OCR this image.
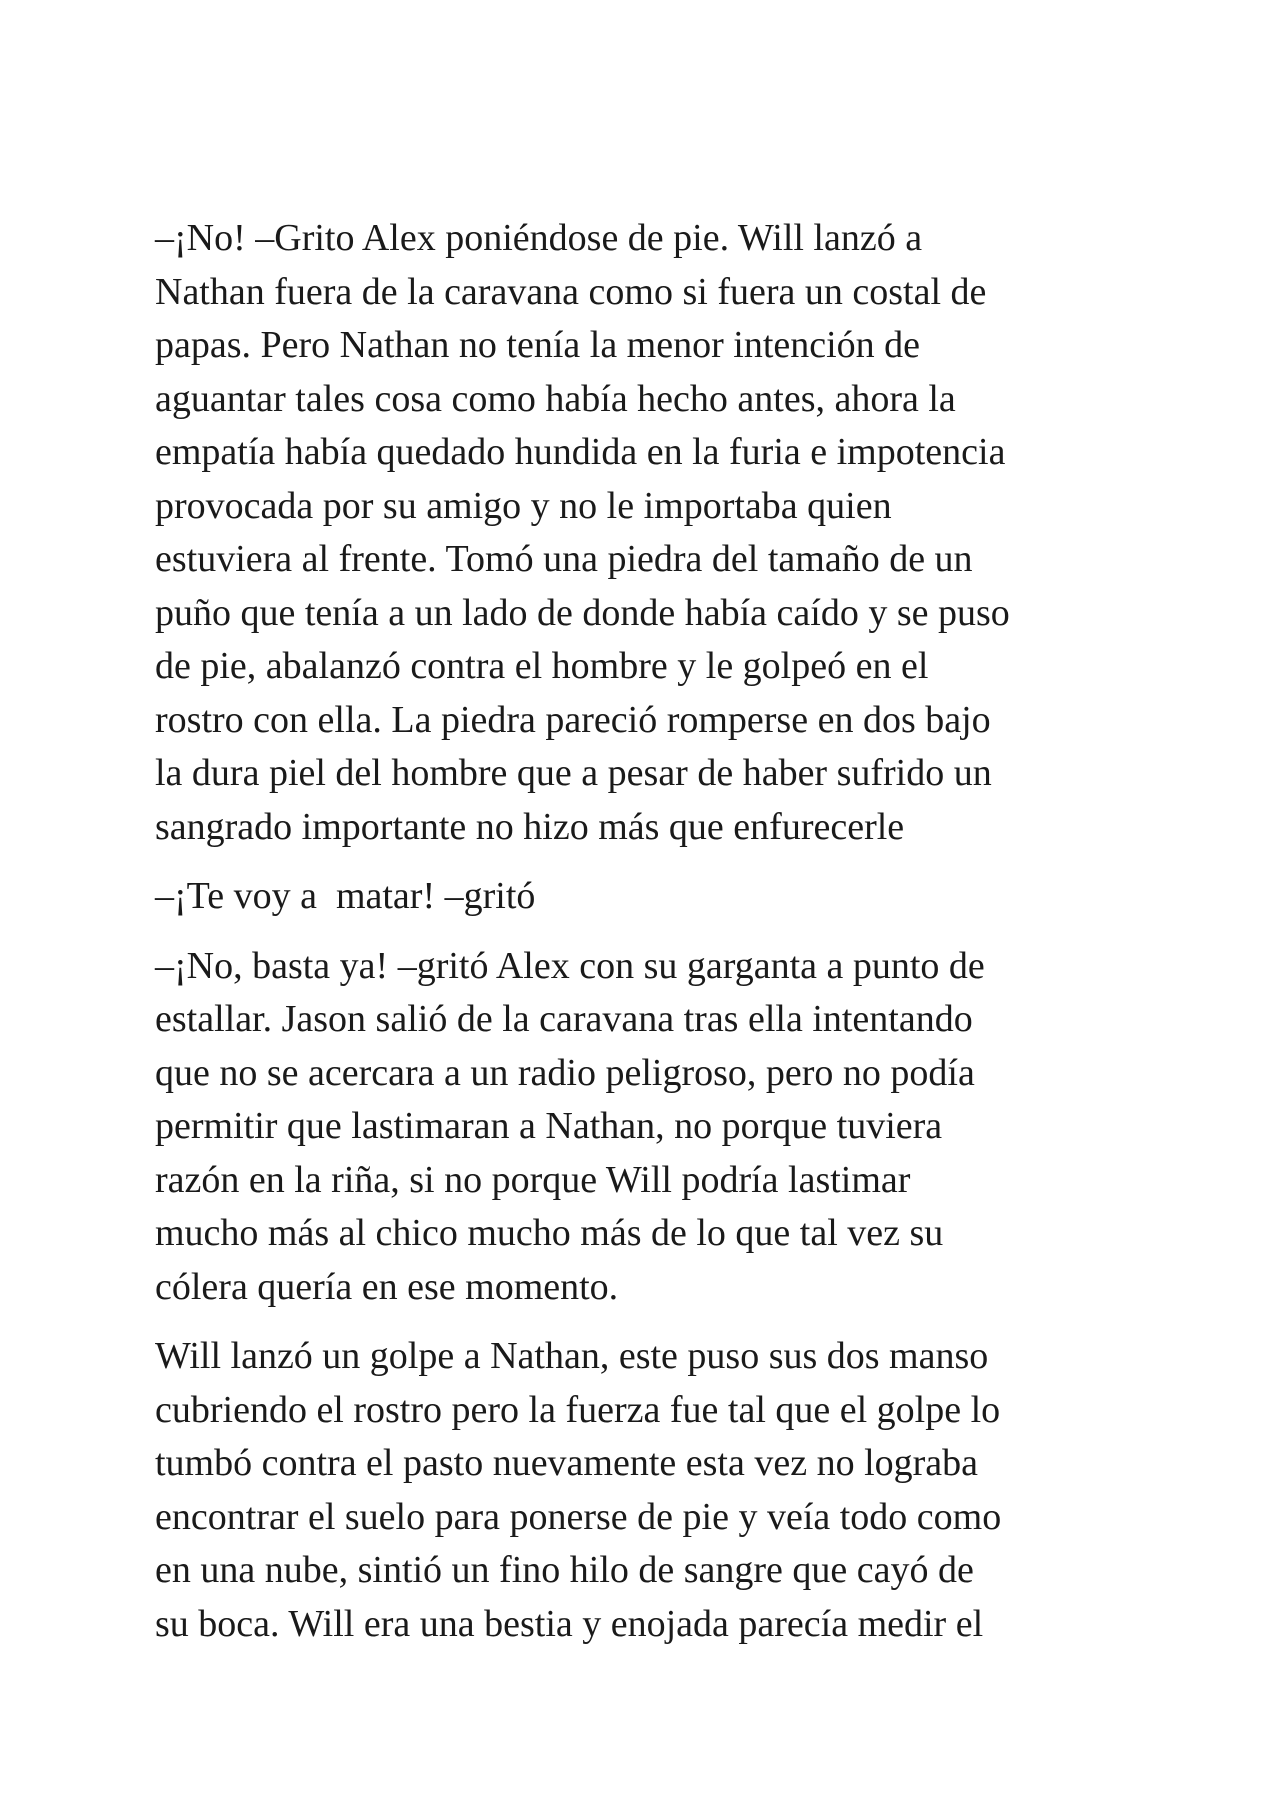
–¡No! –Grito Alex poniéndose de pie. Will lanzó a
Nathan fuera de la caravana como si fuera un costal de
papas. Pero Nathan no tenía la menor intención de
aguantar tales cosa como había hecho antes, ahora la
empatía había quedado hundida en la furia e impotencia
provocada por su amigo y no le importaba quien
estuviera al frente. Tomó una piedra del tamaño de un
puño que tenía a un lado de donde había caído y se puso
de pie, abalanzó contra el hombre y le golpeó en el
rostro con ella. La piedra pareció romperse en dos bajo
la dura piel del hombre que a pesar de haber sufrido un
sangrado importante no hizo más que enfurecerle

–¡Te voy a  matar! –gritó

–¡No, basta ya! –gritó Alex con su garganta a punto de
estallar. Jason salió de la caravana tras ella intentando
que no se acercara a un radio peligroso, pero no podía
permitir que lastimaran a Nathan, no porque tuviera
razón en la riña, si no porque Will podría lastimar
mucho más al chico mucho más de lo que tal vez su
cólera quería en ese momento.

Will lanzó un golpe a Nathan, este puso sus dos manso
cubriendo el rostro pero la fuerza fue tal que el golpe lo
tumbó contra el pasto nuevamente esta vez no lograba
encontrar el suelo para ponerse de pie y veía todo como
en una nube, sintió un fino hilo de sangre que cayó de
su boca. Will era una bestia y enojada parecía medir el
